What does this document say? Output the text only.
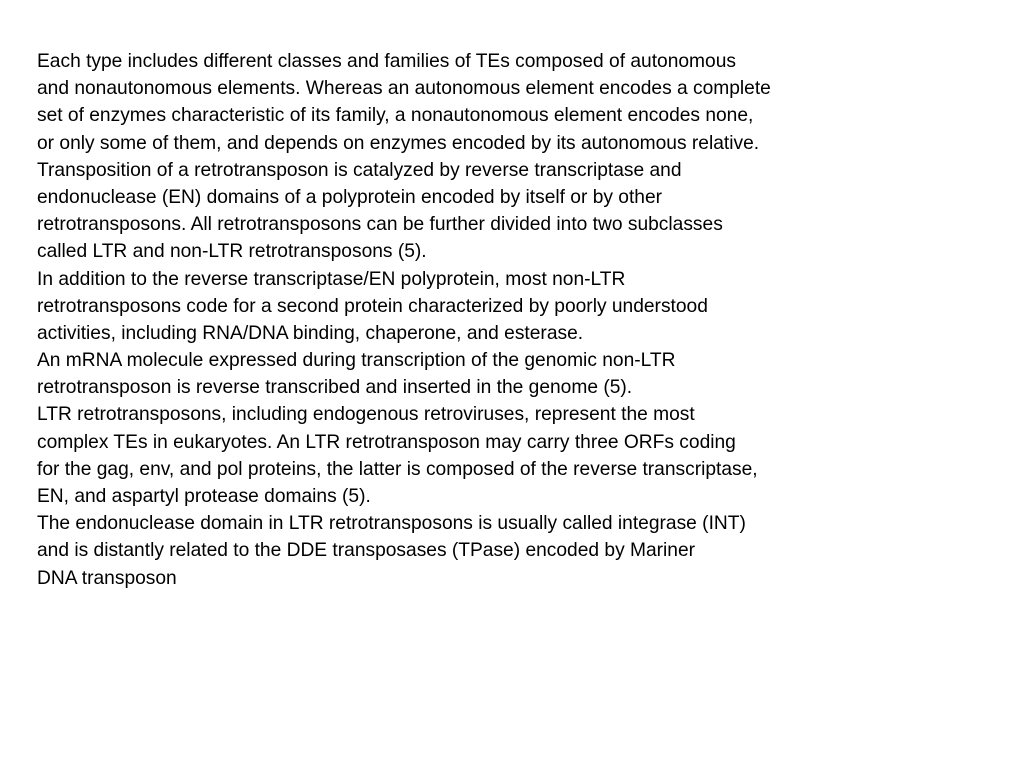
Each type includes different classes and families of TEs composed of autonomous
and nonautonomous elements. Whereas an autonomous element encodes a complete
set of enzymes characteristic of its family, a nonautonomous element encodes none,
or only some of them, and depends on enzymes encoded by its autonomous relative.
Transposition of a retrotransposon is catalyzed by reverse transcriptase and
endonuclease (EN) domains of a polyprotein encoded by itself or by other
retrotransposons. All retrotransposons can be further divided into two subclasses
called LTR and non-LTR retrotransposons (5).
In addition to the reverse transcriptase/EN polyprotein, most non-LTR
retrotransposons code for a second protein characterized by poorly understood
activities, including RNA/DNA binding, chaperone, and esterase.
An mRNA molecule expressed during transcription of the genomic non-LTR
retrotransposon is reverse transcribed and inserted in the genome (5).
LTR retrotransposons, including endogenous retroviruses, represent the most
complex TEs in eukaryotes. An LTR retrotransposon may carry three ORFs coding
for the gag, env, and pol proteins, the latter is composed of the reverse transcriptase,
EN, and aspartyl protease domains (5).
The endonuclease domain in LTR retrotransposons is usually called integrase (INT)
and is distantly related to the DDE transposases (TPase) encoded by Mariner
DNA transposon
